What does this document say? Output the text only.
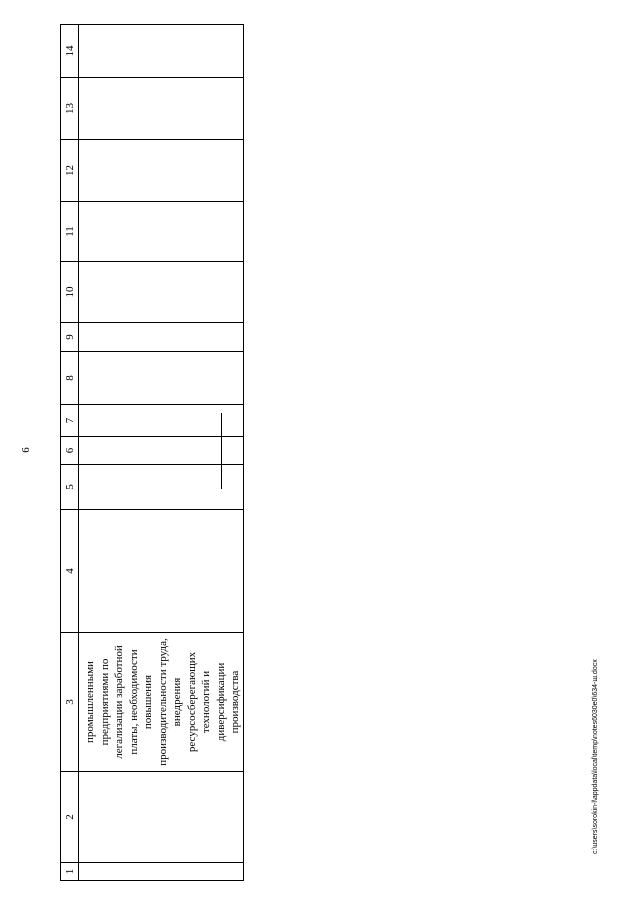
6
1	2	3	4	5	6	7	8	9	10	11	12	13	14

		промышленными предприятиями по легализации заработной платы, необходимости повышения производительности труда, внедрения ресурсосберегающих технологий и диверсификации производства											
												c:\users\sorokin-l\appdata\local\temp\notes6030e0\634-ш.docx
